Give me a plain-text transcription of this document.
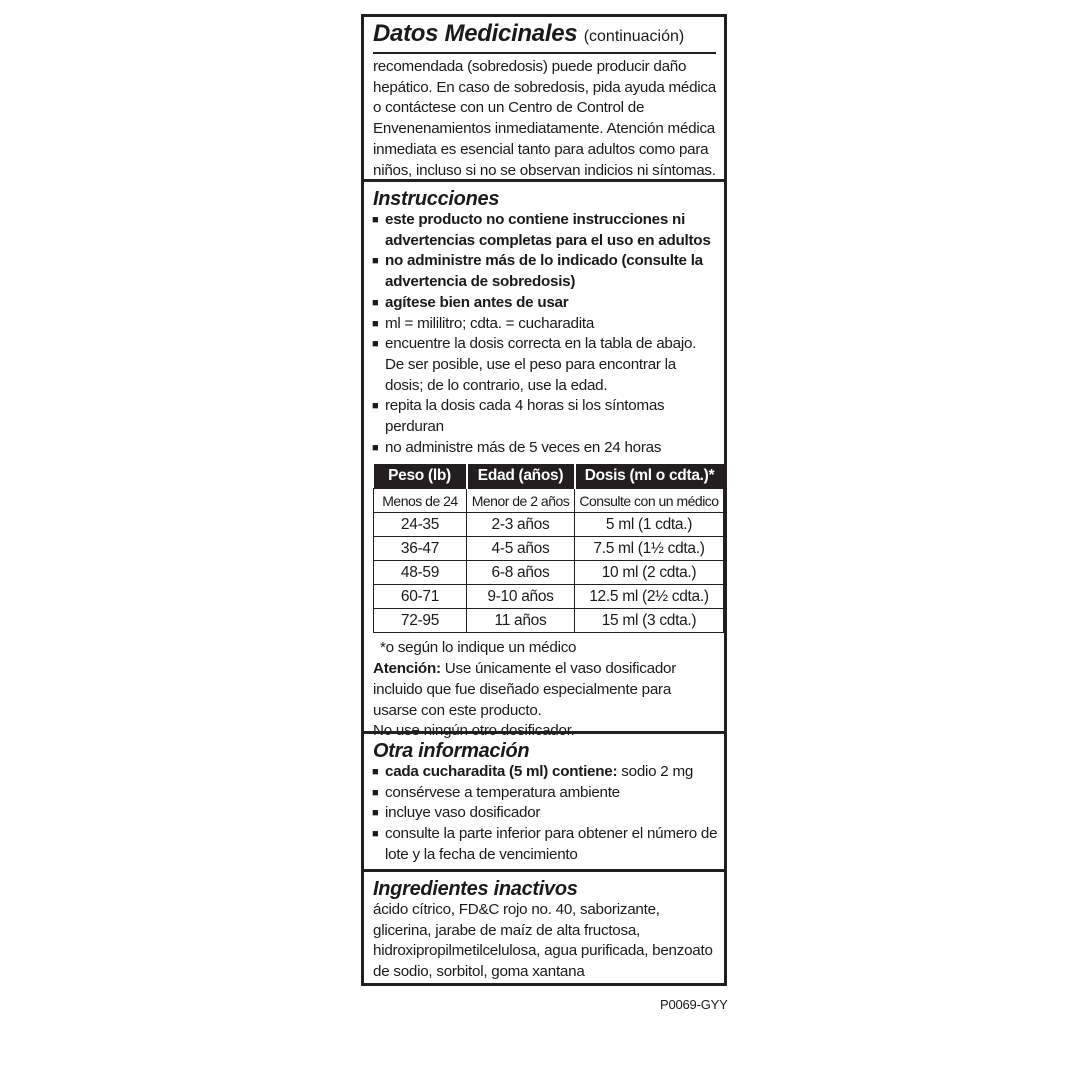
Datos Medicinales (continuación)
recomendada (sobredosis) puede producir daño hepático. En caso de sobredosis, pida ayuda médica o contáctese con un Centro de Control de Envenenamientos inmediatamente. Atención médica inmediata es esencial tanto para adultos como para niños, incluso si no se observan indicios ni síntomas.
Instrucciones
■ este producto no contiene instrucciones ni advertencias completas para el uso en adultos
■ no administre más de lo indicado (consulte la advertencia de sobredosis)
■ agítese bien antes de usar
■ ml = mililitro; cdta. = cucharadita
■ encuentre la dosis correcta en la tabla de abajo. De ser posible, use el peso para encontrar la dosis; de lo contrario, use la edad.
■ repita la dosis cada 4 horas si los síntomas perduran
■ no administre más de 5 veces en 24 horas
Peso (lb)	Edad (años)	Dosis (ml o cdta.)*
Menos de 24	Menor de 2 años	Consulte con un médico
24-35	2-3 años	5 ml (1 cdta.)
36-47	4-5 años	7.5 ml (1½ cdta.)
48-59	6-8 años	10 ml (2 cdta.)
60-71	9-10 años	12.5 ml (2½ cdta.)
72-95	11 años	15 ml (3 cdta.)
*o según lo indique un médico
Atención: Use únicamente el vaso dosificador incluido que fue diseñado especialmente para usarse con este producto.
No use ningún otro dosificador.
Otra información
■ cada cucharadita (5 ml) contiene: sodio 2 mg
■ consérvese a temperatura ambiente
■ incluye vaso dosificador
■ consulte la parte inferior para obtener el número de lote y la fecha de vencimiento
Ingredientes inactivos
ácido cítrico, FD&C rojo no. 40, saborizante, glicerina, jarabe de maíz de alta fructosa, hidroxipropilmetilcelulosa, agua purificada, benzoato de sodio, sorbitol, goma xantana
P0069-GYY
